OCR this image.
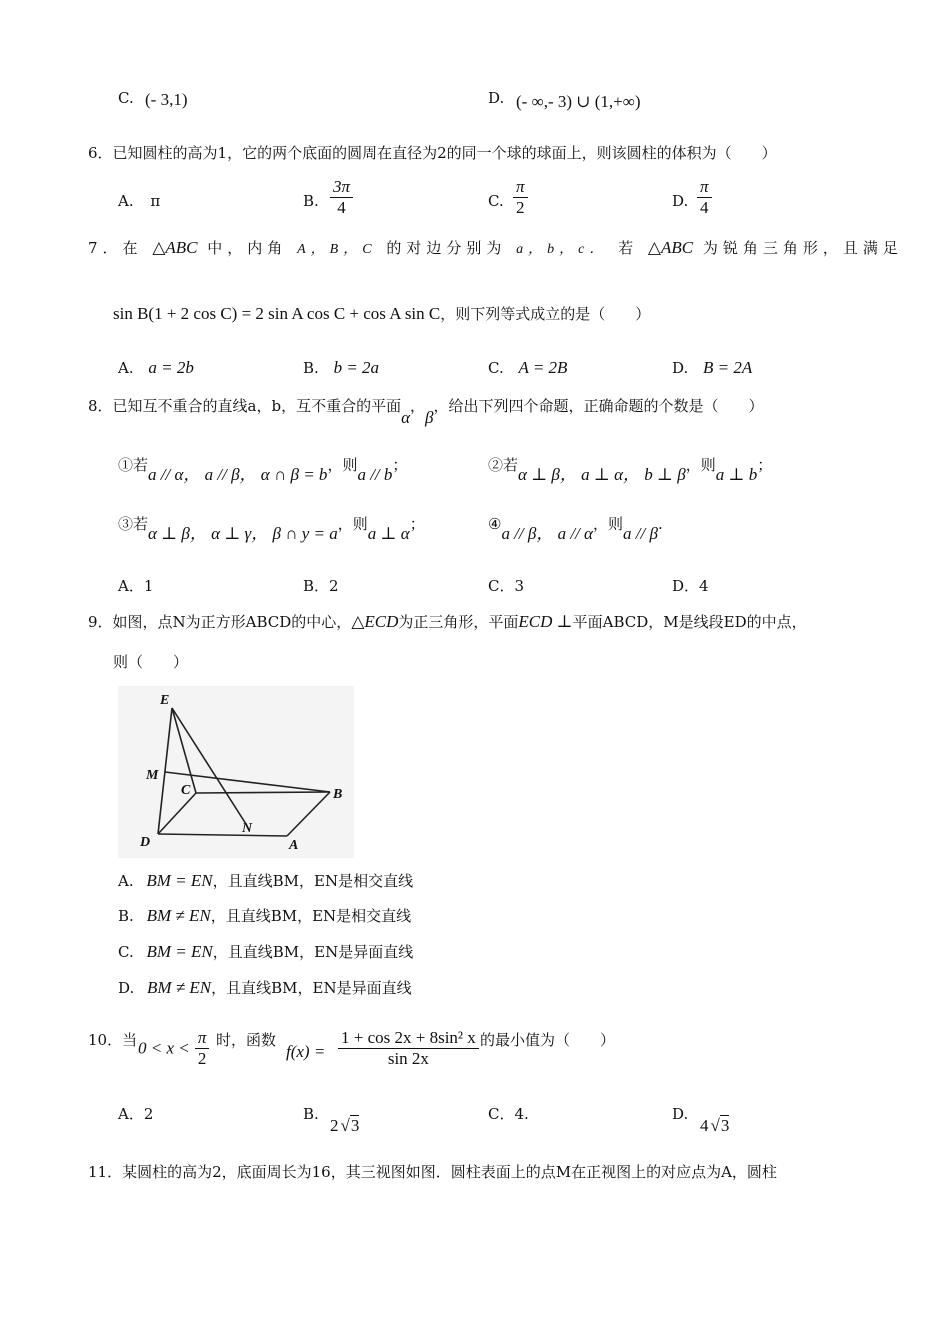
C. (- 3,1)	D. (- ∞,- 3) ∪ (1,+∞)
6．已知圆柱的高为1，它的两个底面的圆周在直径为2的同一个球的球面上，则该圆柱的体积为（　　）
A. π	B. $\frac{3\pi}{4}$	C. $\frac{\pi}{2}$	D. $\frac{\pi}{4}$
7．在 △ABC 中，内角 A，B，C 的对边分别为 a，b，c． 若 △ABC 为锐角三角形，且满足
sin B(1 + 2 cos C) = 2 sin A cos C + cos A sin C，则下列等式成立的是（　　）
A. a = 2b	B. b = 2a	C. A = 2B	D. B = 2A
8．已知互不重合的直线a，b，互不重合的平面α，β，给出下列四个命题，正确命题的个数是（　　）
①若a // α， a // β， α ∩ β = b，则a // b；	②若α ⊥ β， a ⊥ α， b ⊥ β，则a ⊥ b；
③若α ⊥ β， α ⊥ γ， β ∩ y = a，则a ⊥ α；	④a // β， a // α，则a // β.
A．1	B．2	C．3	D．4
9．如图，点N为正方形ABCD的中心，△ECD为正三角形，平面ECD ⊥平面ABCD，M是线段ED的中点，
则（　　）
E
M
C	B
N
D	A
A. BM = EN，且直线BM，EN是相交直线
B. BM ≠ EN，且直线BM，EN是相交直线
C. BM = EN，且直线BM，EN是异面直线
D. BM ≠ EN，且直线BM，EN是异面直线
10．当 $0 < x < \frac{\pi}{2}$ 时，函数
$f(x) = \frac{\text{1 + cos 2x + 8sin² x}}{\sin 2x}$ 的最小值为（　　）
A．2	B.
2 √3
C．4.	D.
4 √3
11．某圆柱的高为2，底面周长为16，其三视图如图．圆柱表面上的点M在正视图上的对应点为A，圆柱
